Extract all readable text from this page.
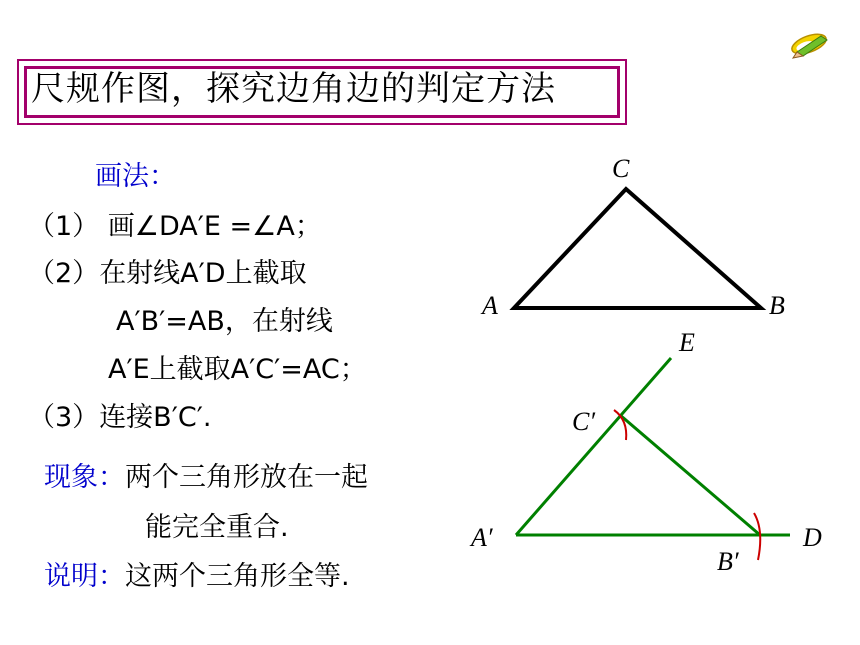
C
A	B
E
C′
A′
B′
D
尺规作图，探究边角边的判定方法
画法：
（1） 画∠DA′E =∠A；
（2）在射线A′D上截取
A′B′=AB，在射线
A′E上截取A′C′=AC；
（3）连接B′C′.
现象：两个三角形放在一起
能完全重合.
说明：这两个三角形全等.
